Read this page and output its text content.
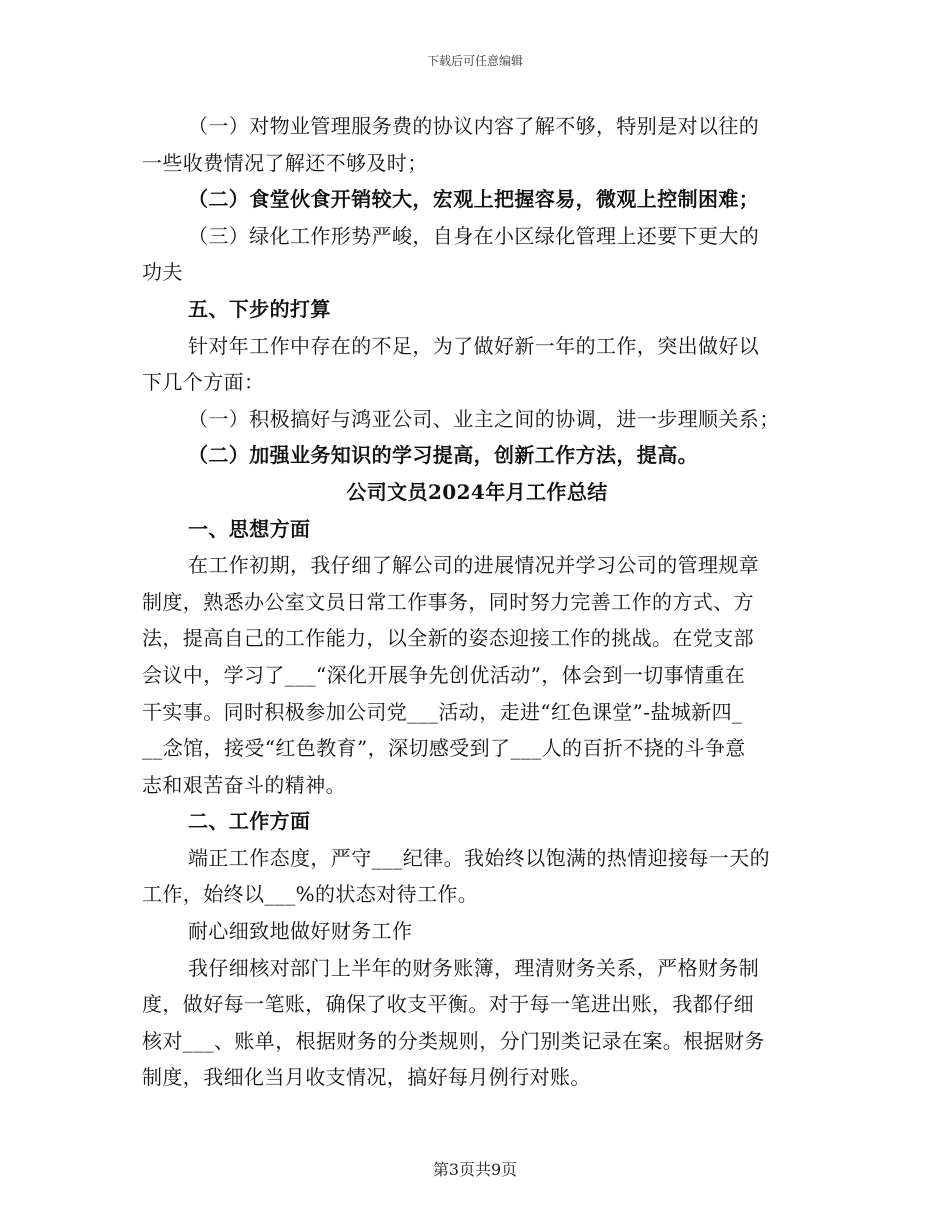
下载后可任意编辑
（一）对物业管理服务费的协议内容了解不够，特别是对以往的
一些收费情况了解还不够及时；
（二）食堂伙食开销较大，宏观上把握容易，微观上控制困难；
（三）绿化工作形势严峻，自身在小区绿化管理上还要下更大的
功夫
五、下步的打算
针对年工作中存在的不足，为了做好新一年的工作，突出做好以
下几个方面：
（一）积极搞好与鸿亚公司、业主之间的协调，进一步理顺关系；
（二）加强业务知识的学习提高，创新工作方法，提高。
公司文员2024年月工作总结
一、思想方面
在工作初期，我仔细了解公司的进展情况并学习公司的管理规章
制度，熟悉办公室文员日常工作事务，同时努力完善工作的方式、方
法，提高自己的工作能力，以全新的姿态迎接工作的挑战。在党支部
会议中，学习了___“深化开展争先创优活动”，体会到一切事情重在
干实事。同时积极参加公司党___活动，走进“红色课堂”-盐城新四_
__念馆，接受“红色教育”，深切感受到了___人的百折不挠的斗争意
志和艰苦奋斗的精神。
二、工作方面
端正工作态度，严守___纪律。我始终以饱满的热情迎接每一天的
工作，始终以___%的状态对待工作。
耐心细致地做好财务工作
我仔细核对部门上半年的财务账簿，理清财务关系，严格财务制
度，做好每一笔账，确保了收支平衡。对于每一笔进出账，我都仔细
核对___、账单，根据财务的分类规则，分门别类记录在案。根据财务
制度，我细化当月收支情况，搞好每月例行对账。
第3页共9页
